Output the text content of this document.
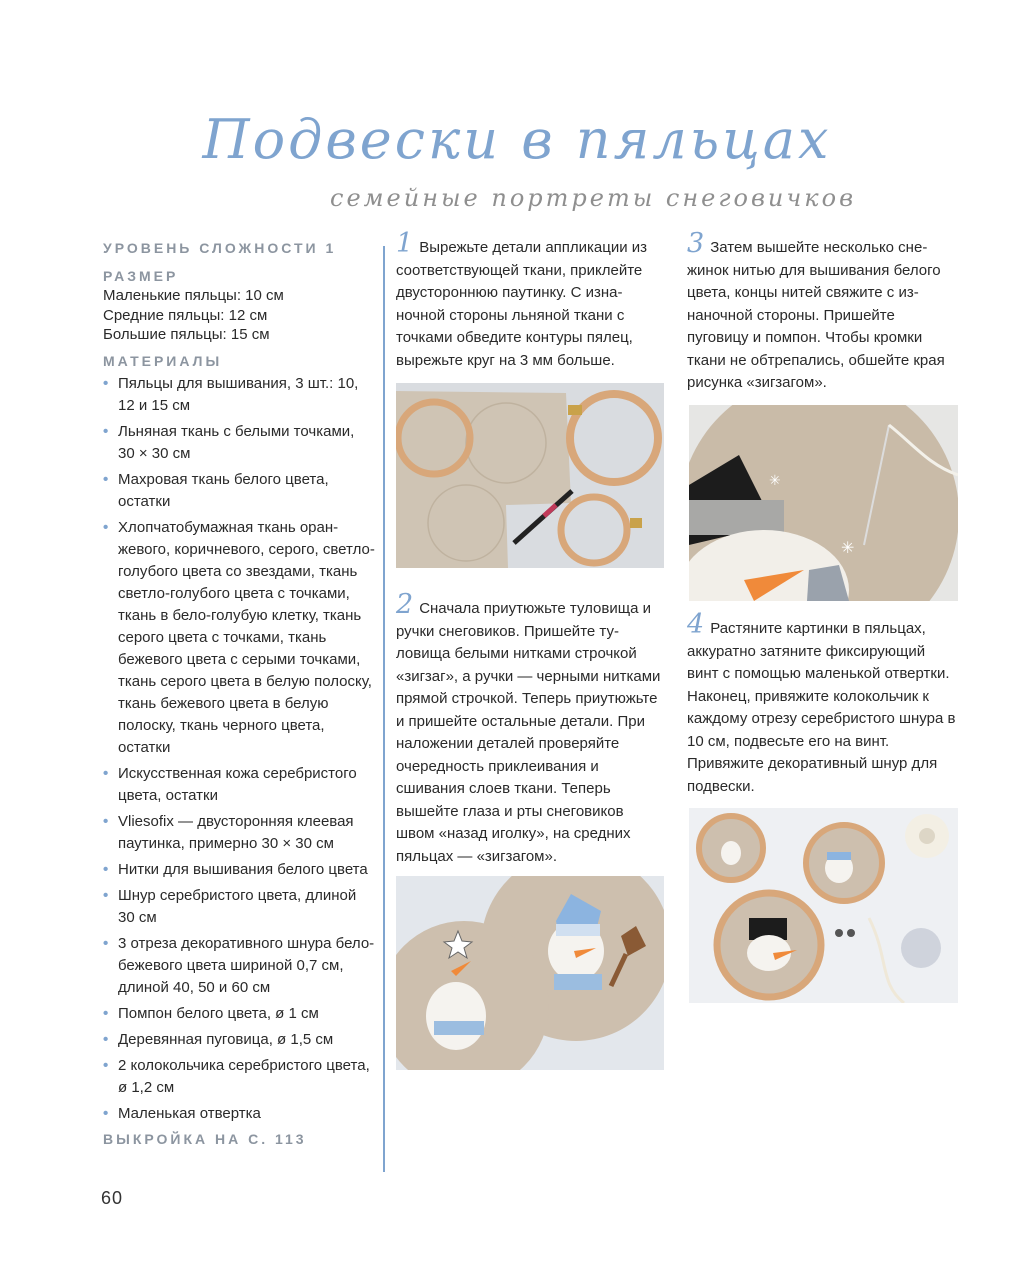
Подвески в пяльцах
семейные портреты снеговичков
УРОВЕНЬ СЛОЖНОСТИ 1
РАЗМЕР
Маленькие пяльцы: 10 см
Средние пяльцы: 12 см
Большие пяльцы: 15 см
МАТЕРИАЛЫ
• Пяльцы для вышивания, 3 шт.: 10, 12 и 15 см
• Льняная ткань с белыми точками, 30 × 30 см
• Махровая ткань белого цвета, остатки
• Хлопчатобумажная ткань оранжевого, коричневого, серого, светло-голубого цвета со звездами, ткань светло-голубого цвета с точками, ткань в бело-голубую клетку, ткань серого цвета с точками, ткань бежевого цвета с серыми точками, ткань серого цвета в белую полоску, ткань бежевого цвета в белую полоску, ткань черного цвета, остатки
• Искусственная кожа серебристого цвета, остатки
• Vliesofix — двусторонняя клеевая паутинка, примерно 30 × 30 см
• Нитки для вышивания белого цвета
• Шнур серебристого цвета, длиной 30 см
• 3 отреза декоративного шнура бело-бежевого цвета шириной 0,7 см, длиной 40, 50 и 60 см
• Помпон белого цвета, ø 1 см
• Деревянная пуговица, ø 1,5 см
• 2 колокольчика серебристого цвета, ø 1,2 см
• Маленькая отвертка
ВЫКРОЙКА НА С. 113
1 Вырежьте детали аппликации из соответствующей ткани, приклейте двустороннюю паутинку. С изнаночной стороны льняной ткани с точками обведите контуры пялец, вырежьте круг на 3 мм больше.
2 Сначала приутюжьте туловища и ручки снеговиков. Пришейте туловища белыми нитками строчкой «зигзаг», а ручки — черными нитками прямой строчкой. Теперь приутюжьте и пришейте остальные детали. При наложении деталей проверяйте очередность приклеивания и сшивания слоев ткани. Теперь вышейте глаза и рты снеговиков швом «назад иголку», на средних пяльцах — «зигзагом».
3 Затем вышейте несколько снежинок нитью для вышивания белого цвета, концы нитей свяжите с изнаночной стороны. Пришейте пуговицу и помпон. Чтобы кромки ткани не обтрепались, обшейте края рисунка «зигзагом».
✳
✳
4 Растяните картинки в пяльцах, аккуратно затяните фиксирующий винт с помощью маленькой отвертки. Наконец, привяжите колокольчик к каждому отрезу серебристого шнура в 10 см, подвесьте его на винт. Привяжите декоративный шнур для подвески.
60
